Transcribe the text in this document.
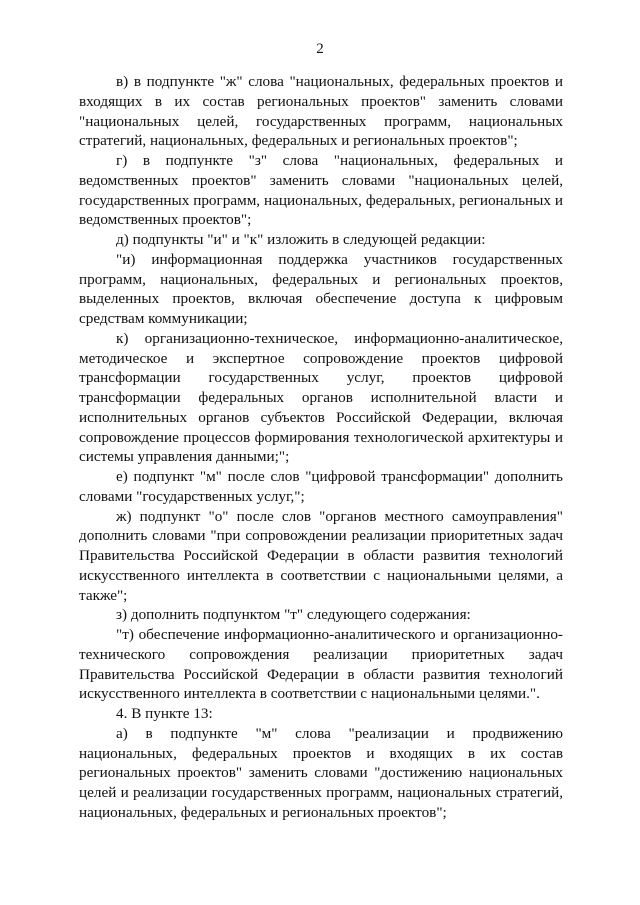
2

в) в подпункте "ж" слова "национальных, федеральных проектов и входящих в их состав региональных проектов" заменить словами "национальных целей, государственных программ, национальных стратегий, национальных, федеральных и региональных проектов";

г) в подпункте "з" слова "национальных, федеральных и ведомственных проектов" заменить словами "национальных целей, государственных программ, национальных, федеральных, региональных и ведомственных проектов";

д) подпункты "и" и "к" изложить в следующей редакции:

"и) информационная поддержка участников государственных программ, национальных, федеральных и региональных проектов, выделенных проектов, включая обеспечение доступа к цифровым средствам коммуникации;

к) организационно-техническое, информационно-аналитическое, методическое и экспертное сопровождение проектов цифровой трансформации государственных услуг, проектов цифровой трансформации федеральных органов исполнительной власти и исполнительных органов субъектов Российской Федерации, включая сопровождение процессов формирования технологической архитектуры и системы управления данными;";

е) подпункт "м" после слов "цифровой трансформации" дополнить словами "государственных услуг,";

ж) подпункт "о" после слов "органов местного самоуправления" дополнить словами "при сопровождении реализации приоритетных задач Правительства Российской Федерации в области развития технологий искусственного интеллекта в соответствии с национальными целями, а также";

з) дополнить подпунктом "т" следующего содержания:

"т) обеспечение информационно-аналитического и организационно-технического сопровождения реализации приоритетных задач Правительства Российской Федерации в области развития технологий искусственного интеллекта в соответствии с национальными целями.".

4. В пункте 13:

а) в подпункте "м" слова "реализации и продвижению национальных, федеральных проектов и входящих в их состав региональных проектов" заменить словами "достижению национальных целей и реализации государственных программ, национальных стратегий, национальных, федеральных и региональных проектов";
